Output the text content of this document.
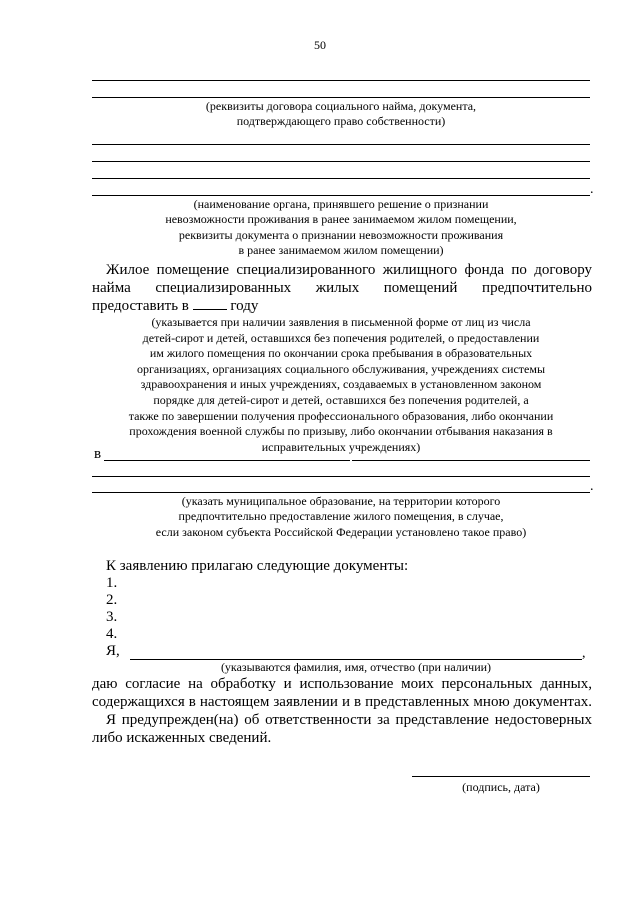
50
(реквизиты договора социального найма, документа,
подтверждающего право собственности)
.
(наименование органа, принявшего решение о признании
невозможности проживания в ранее занимаемом жилом помещении,
реквизиты документа о признании невозможности проживания
в ранее занимаемом жилом помещении)
Жилое помещение специализированного жилищного фонда по договору
найма специализированных жилых помещений предпочтительно
предоставить в	году
(указывается при наличии заявления в письменной форме от лиц из числа
детей-сирот и детей, оставшихся без попечения родителей, о предоставлении
им жилого помещения по окончании срока пребывания в образовательных
организациях, организациях социального обслуживания, учреждениях системы
здравоохранения и иных учреждениях, создаваемых в установленном законом
порядке для детей-сирот и детей, оставшихся без попечения родителей, а
также по завершении получения профессионального образования, либо окончании
прохождения военной службы по призыву, либо окончании отбывания наказания в
исправительных учреждениях)
в
.
(указать муниципальное образование, на территории которого
предпочтительно предоставление жилого помещения, в случае,
если законом субъекта Российской Федерации установлено такое право)
К заявлению прилагаю следующие документы:
1.
2.
3.
4.
Я,	,
(указываются фамилия, имя, отчество (при наличии)
даю согласие на обработку и использование моих персональных данных,
содержащихся в настоящем заявлении и в представленных мною документах.
Я предупрежден(на) об ответственности за представление недостоверных
либо искаженных сведений.
(подпись, дата)
